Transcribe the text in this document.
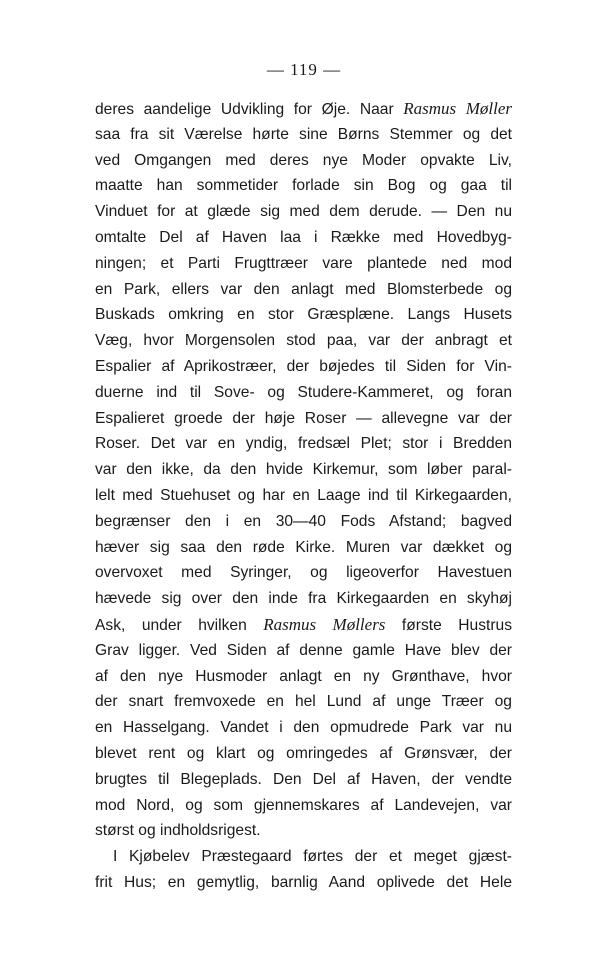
— 119 —
deres aandelige Udvikling for Øje. Naar Rasmus Møller
saa fra sit Værelse hørte sine Børns Stemmer og det
ved Omgangen med deres nye Moder opvakte Liv,
maatte han sommetider forlade sin Bog og gaa til
Vinduet for at glæde sig med dem derude. — Den nu
omtalte Del af Haven laa i Række med Hovedbyg-
ningen; et Parti Frugttræer vare plantede ned mod
en Park, ellers var den anlagt med Blomsterbede og
Buskads omkring en stor Græsplæne. Langs Husets
Væg, hvor Morgensolen stod paa, var der anbragt et
Espalier af Aprikostræer, der bøjedes til Siden for Vin-
duerne ind til Sove- og Studere-Kammeret, og foran
Espalieret groede der høje Roser — allevegne var der
Roser. Det var en yndig, fredsæl Plet; stor i Bredden
var den ikke, da den hvide Kirkemur, som løber paral-
lelt med Stuehuset og har en Laage ind til Kirkegaarden,
begrænser den i en 30—40 Fods Afstand; bagved
hæver sig saa den røde Kirke. Muren var dækket og
overvoxet med Syringer, og ligeoverfor Havestuen
hævede sig over den inde fra Kirkegaarden en skyhøj
Ask, under hvilken Rasmus Møllers første Hustrus
Grav ligger. Ved Siden af denne gamle Have blev der
af den nye Husmoder anlagt en ny Grønthave, hvor
der snart fremvoxede en hel Lund af unge Træer og
en Hasselgang. Vandet i den opmudrede Park var nu
blevet rent og klart og omringedes af Grønsvær, der
brugtes til Blegeplads. Den Del af Haven, der vendte
mod Nord, og som gjennemskares af Landevejen, var
størst og indholdsrigest.
I Kjøbelev Præstegaard førtes der et meget gjæst-
frit Hus; en gemytlig, barnlig Aand oplivede det Hele
